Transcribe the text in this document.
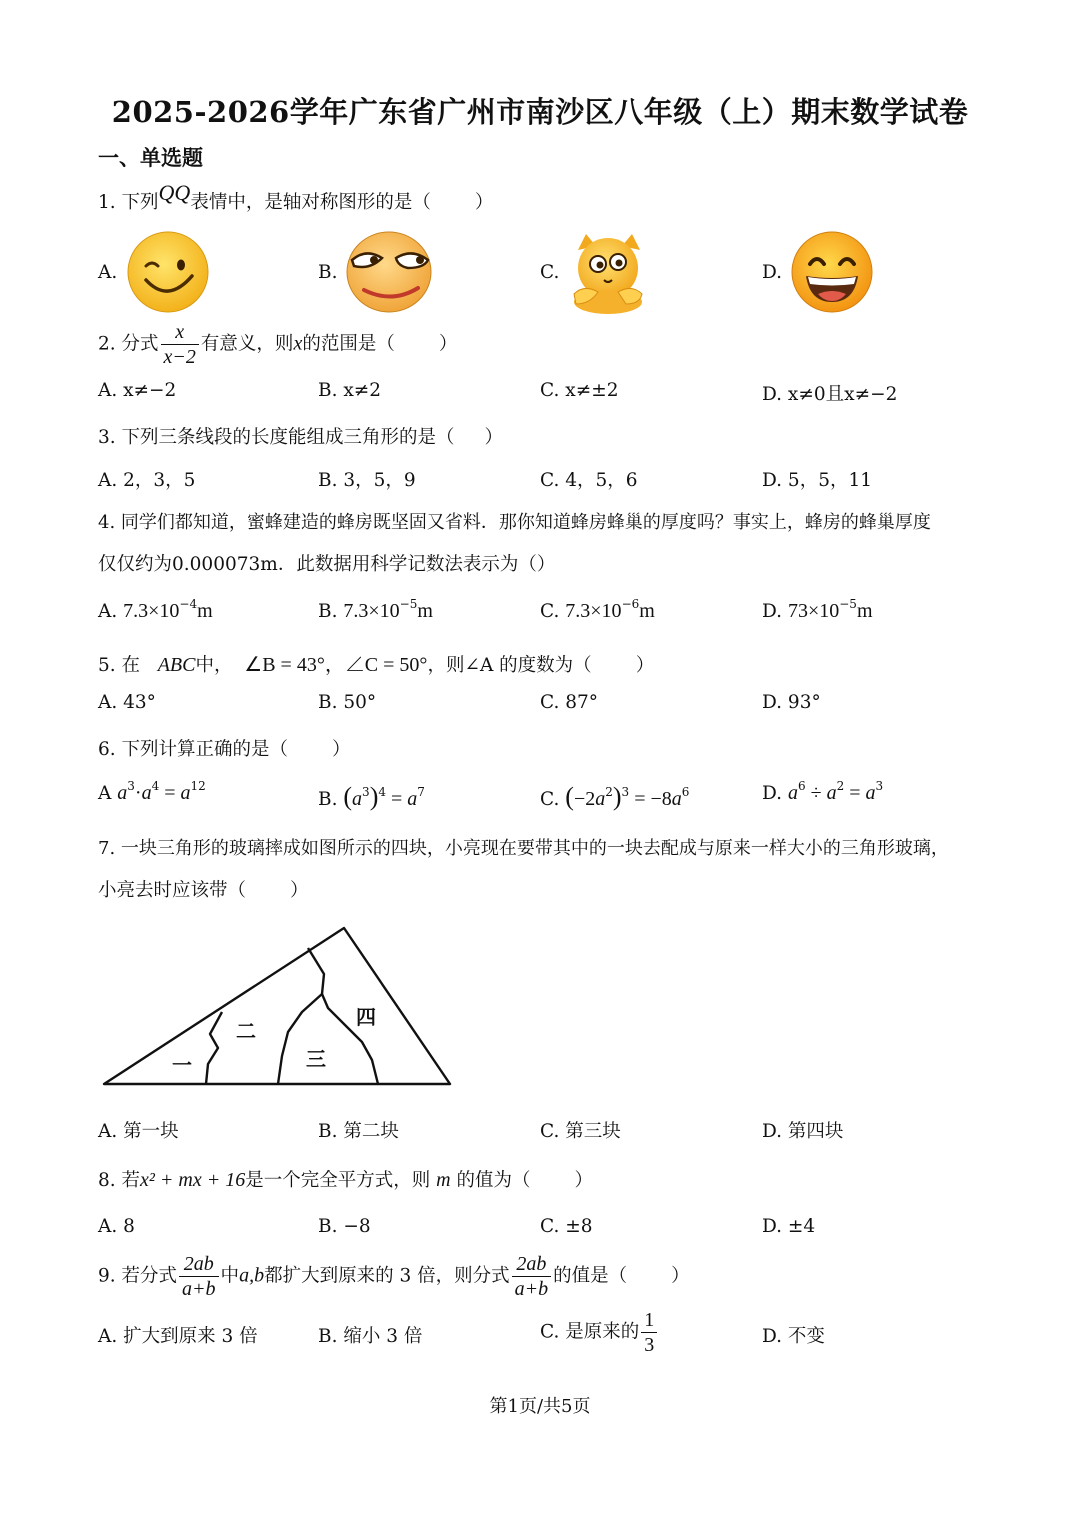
2025-2026学年广东省广州市南沙区八年级（上）期末数学试卷
一、单选题
1. 下列QQ表情中，是轴对称图形的是（ ）
A.	B.	C.	D.
2. 分式 $\frac{x}{x-2}$ 有意义，则x的范围是（ ）
A. x≠−2	B. x≠2	C. x≠±2	D. x≠0且x≠−2
3. 下列三条线段的长度能组成三角形的是（ ）
A. 2，3，5	B. 3，5，9	C. 4，5，6	D. 5，5，11
4. 同学们都知道，蜜蜂建造的蜂房既坚固又省料．那你知道蜂房蜂巢的厚度吗？事实上，蜂房的蜂巢厚度
仅仅约为0.000073m．此数据用科学记数法表示为（）
A. $7.3\times 10^{-4}m$	B. $7.3\times 10^{-5}m$	C. $7.3\times 10^{-6}m$	D. $73\times 10^{-5}m$
5. 在 ABC中， ∠B = 43°，∠C = 50°，则∠A 的度数为（ ）
A. 43°	B. 50°	C. 87°	D. 93°
6. 下列计算正确的是（ ）
A $a^3\cdot a^4 = a^{12}$
B. $(a^3)^4 = a^7$	C. $(-2a^2)^3 = -8a^6$	D. $a^6 \div a^2 = a^3$
7. 一块三角形的玻璃摔成如图所示的四块，小亮现在要带其中的一块去配成与原来一样大小的三角形玻璃，
小亮去时应该带（ ）
一
二
三
四
A. 第一块	B. 第二块	C. 第三块	D. 第四块
8. 若x² + mx + 16是一个完全平方式，则 m 的值为（ ）
A. 8	B. −8	C. ±8	D. ±4
9. 若分式 $\frac{2ab}{a+b}$ 中a,b都扩大到原来的 3 倍，则分式 $\frac{2ab}{a+b}$ 的值是（ ）
A. 扩大到原来 3 倍	B. 缩小 3 倍	C. 是原来的 $\frac{1}{3}$	D. 不变
第1页/共5页
